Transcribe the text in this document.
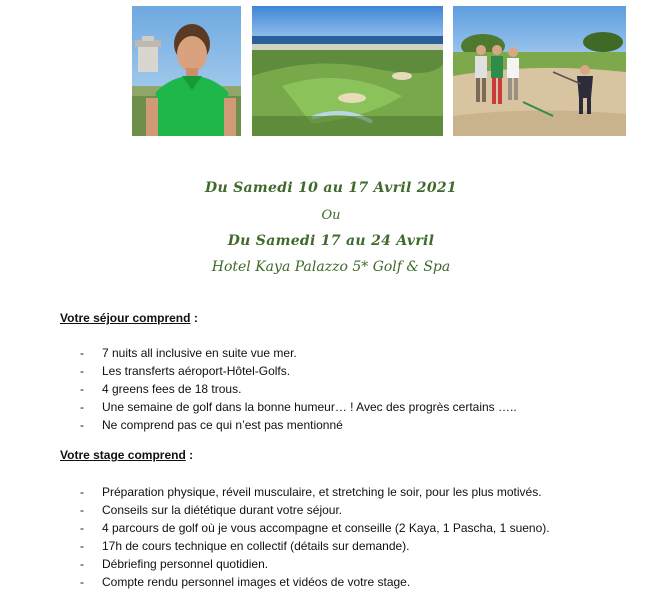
Du Samedi 10 au 17 Avril 2021
Ou
Du Samedi 17 au 24 Avril
Hotel Kaya Palazzo 5* Golf & Spa
Votre séjour comprend :
- 7 nuits all inclusive en suite vue mer.
- Les transferts aéroport-Hôtel-Golfs.
- 4 greens fees de 18 trous.
- Une semaine de golf dans la bonne humeur… ! Avec des progrès certains …..
- Ne comprend pas ce qui n’est pas mentionné
Votre stage comprend :
- Préparation physique, réveil musculaire, et stretching le soir, pour les plus motivés.
- Conseils sur la diététique durant votre séjour.
- 4 parcours de golf où je vous accompagne et conseille (2 Kaya, 1 Pascha, 1 sueno).
- 17h de cours technique en collectif (détails sur demande).
- Débriefing personnel quotidien.
- Compte rendu personnel images et vidéos de votre stage.
